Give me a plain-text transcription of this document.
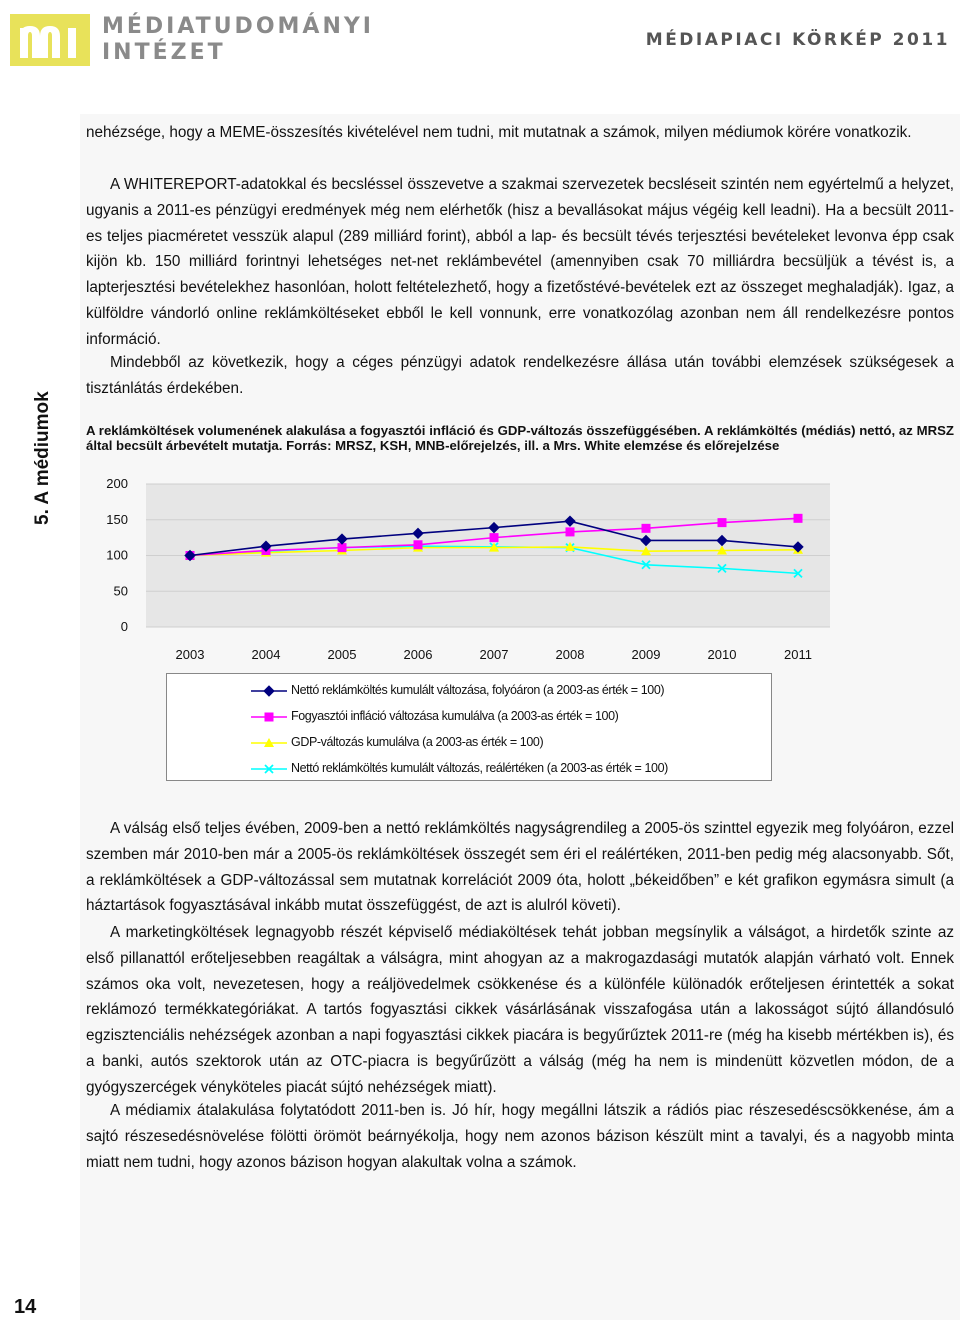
MÉDIATUDOMÁNYI
INTÉZET	MÉDIAPIACI KÖRKÉP 2011
5. A médiumok
14

nehézsége, hogy a MEME-összesítés kivételével nem tudni, mit mutatnak a számok, milyen médiumok körére vonatkozik.

A WHITEREPORT-adatokkal és becsléssel összevetve a szakmai szervezetek becsléseit szintén nem egyértelmű a helyzet, ugyanis a 2011-es pénzügyi eredmények még nem elérhetők (hisz a bevallásokat május végéig kell leadni). Ha a becsült 2011-es teljes piacméretet vesszük alapul (289 milliárd forint), abból a lap- és becsült tévés terjesztési bevételeket levonva épp csak kijön kb. 150 milliárd forintnyi lehetséges net-net reklámbevétel (amennyiben csak 70 milliárdra becsüljük a tévést is, a lapterjesztési bevételekhez hasonlóan, holott feltételezhető, hogy a fizetőstévé-bevételek ezt az összeget meghaladják). Igaz, a külföldre vándorló online reklámköltéseket ebből le kell vonnunk, erre vonatkozólag azonban nem áll rendelkezésre pontos információ.

Mindebből az következik, hogy a céges pénzügyi adatok rendelkezésre állása után további elemzések szükségesek a tisztánlátás érdekében.

A reklámköltések volumenének alakulása a fogyasztói infláció és GDP-változás összefüggésében. A reklámköltés (médiás) nettó, az MRSZ által becsült árbevételt mutatja. Forrás: MRSZ, KSH, MNB-előrejelzés, ill. a Mrs. White elemzése és előrejelzése

0
50
100
150
200
2003	2004	2005	2006	2007	2008	2009	2010	2011
Nettó reklámköltés kumulált változása, folyóáron (a 2003-as érték = 100)
Fogyasztói infláció változása kumulálva (a 2003-as érték = 100)
GDP-változás kumulálva (a 2003-as érték = 100)
Nettó reklámköltés kumulált változás, reálértéken (a 2003-as érték = 100)

A válság első teljes évében, 2009-ben a nettó reklámköltés nagyságrendileg a 2005-ös szinttel egyezik meg folyóáron, ezzel szemben már 2010-ben már a 2005-ös reklámköltések összegét sem éri el reálértéken, 2011-ben pedig még alacsonyabb. Sőt, a reklámköltések a GDP-változással sem mutatnak korrelációt 2009 óta, holott „békeidőben” e két grafikon egymásra simult (a háztartások fogyasztásával inkább mutat összefüggést, de azt is alulról követi).

A marketingköltések legnagyobb részét képviselő médiaköltések tehát jobban megsínylik a válságot, a hirdetők szinte az első pillanattól erőteljesebben reagáltak a válságra, mint ahogyan az a makrogazdasági mutatók alapján várható volt. Ennek számos oka volt, nevezetesen, hogy a reáljövedelmek csökkenése és a különféle különadók erőteljesen érintették a sokat reklámozó termékkategóriákat. A tartós fogyasztási cikkek vásárlásának visszafogása után a lakosságot sújtó állandósuló egzisztenciális nehézségek azonban a napi fogyasztási cikkek piacára is begyűrűztek 2011-re (még ha kisebb mértékben is), és a banki, autós szektorok után az OTC-piacra is begyűrűzött a válság (még ha nem is mindenütt közvetlen módon, de a gyógyszercégek vényköteles piacát sújtó nehézségek miatt).

A médiamix átalakulása folytatódott 2011-ben is. Jó hír, hogy megállni látszik a rádiós piac részesedéscsökkenése, ám a sajtó részesedésnövelése fölötti örömöt beárnyékolja, hogy nem azonos bázison készült mint a tavalyi, és a nagyobb minta miatt nem tudni, hogy azonos bázison hogyan alakultak volna a számok.
